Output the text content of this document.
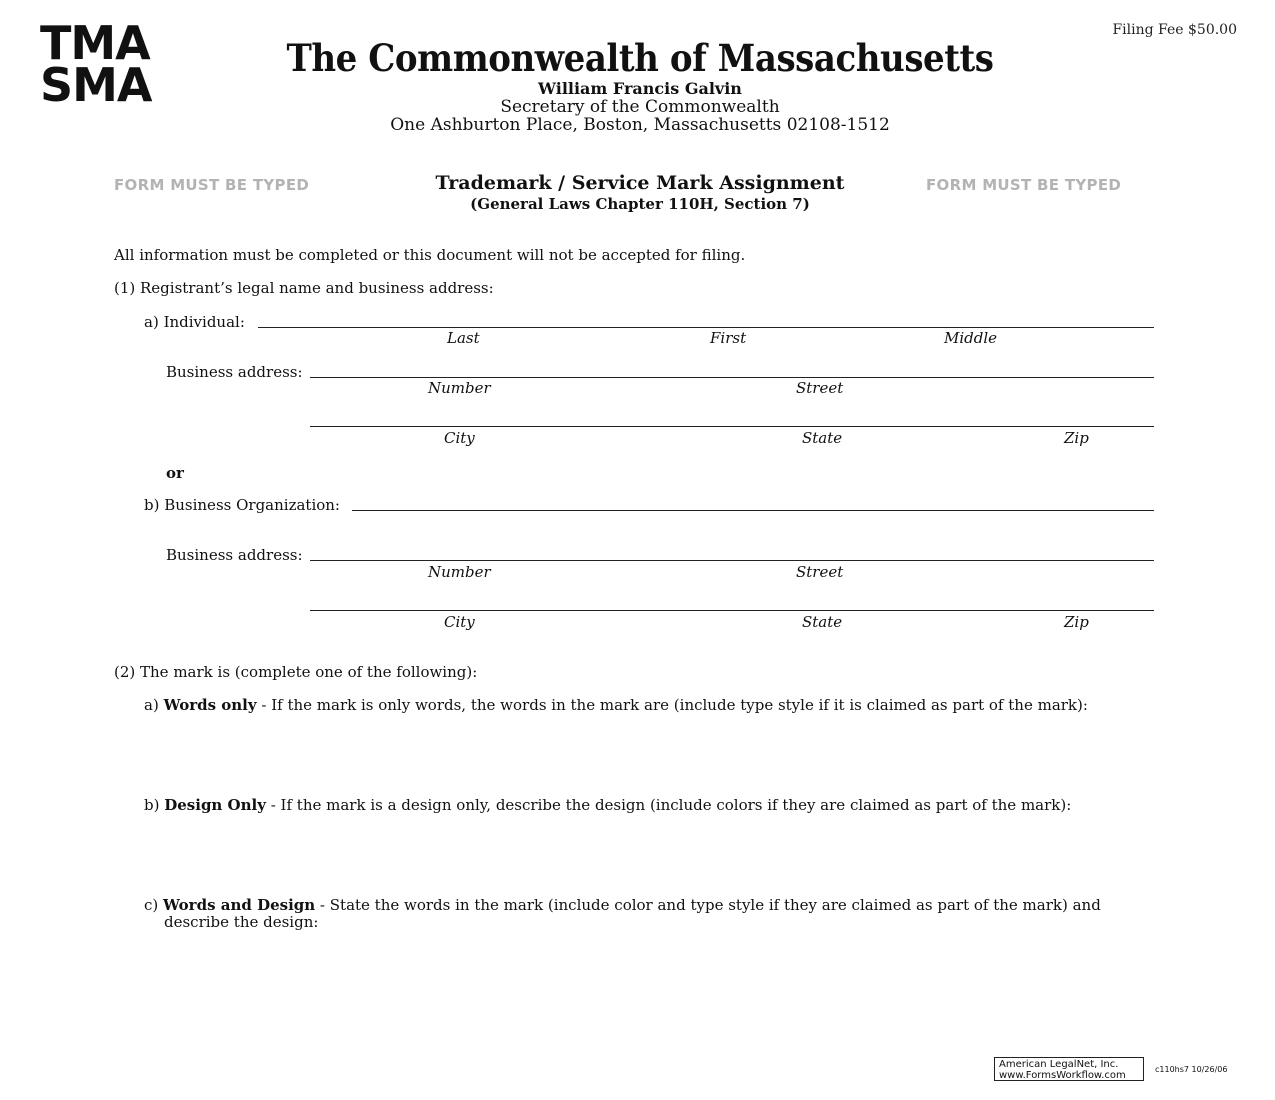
TMA
SMA
Filing Fee $50.00
The Commonwealth of Massachusetts
William Francis Galvin
Secretary of the Commonwealth
One Ashburton Place, Boston, Massachusetts 02108-1512
FORM MUST BE TYPED	FORM MUST BE TYPED
Trademark / Service Mark Assignment
(General Laws Chapter 110H, Section 7)
All information must be completed or this document will not be accepted for filing.
(1) Registrant’s legal name and business address:
a) Individual:
Last	First	Middle
Business address:
Number	Street
City	State	Zip
or
b) Business Organization:
Business address:
Number	Street
City	State	Zip
(2) The mark is (complete one of the following):
a) Words only - If the mark is only words, the words in the mark are (include type style if it is claimed as part of the mark):
b) Design Only - If the mark is a design only, describe the design (include colors if they are claimed as part of the mark):
c) Words and Design - State the words in the mark (include color and type style if they are claimed as part of the mark) and
describe the design:
American LegalNet, Inc.
www.FormsWorkflow.com
c110hs7 10/26/06
